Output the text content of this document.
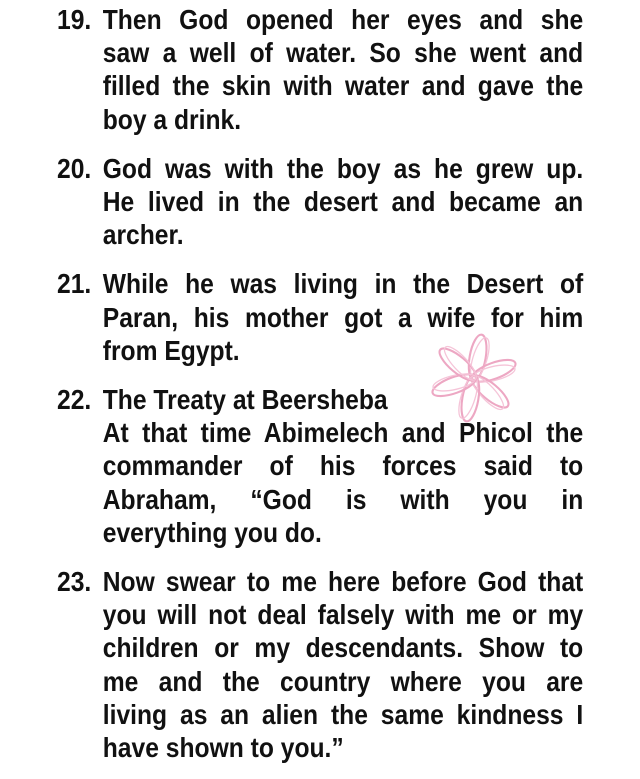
19. Then God opened her eyes and she
saw a well of water. So she went and
filled the skin with water and gave the
boy a drink.
20. God was with the boy as he grew up.
He lived in the desert and became an
archer.
21. While he was living in the Desert of
Paran, his mother got a wife for him
from Egypt.
22. The Treaty at Beersheba
At that time Abimelech and Phicol the
commander of his forces said to
Abraham, “God is with you in
everything you do.
23. Now swear to me here before God that
you will not deal falsely with me or my
children or my descendants. Show to
me and the country where you are
living as an alien the same kindness I
have shown to you.”
